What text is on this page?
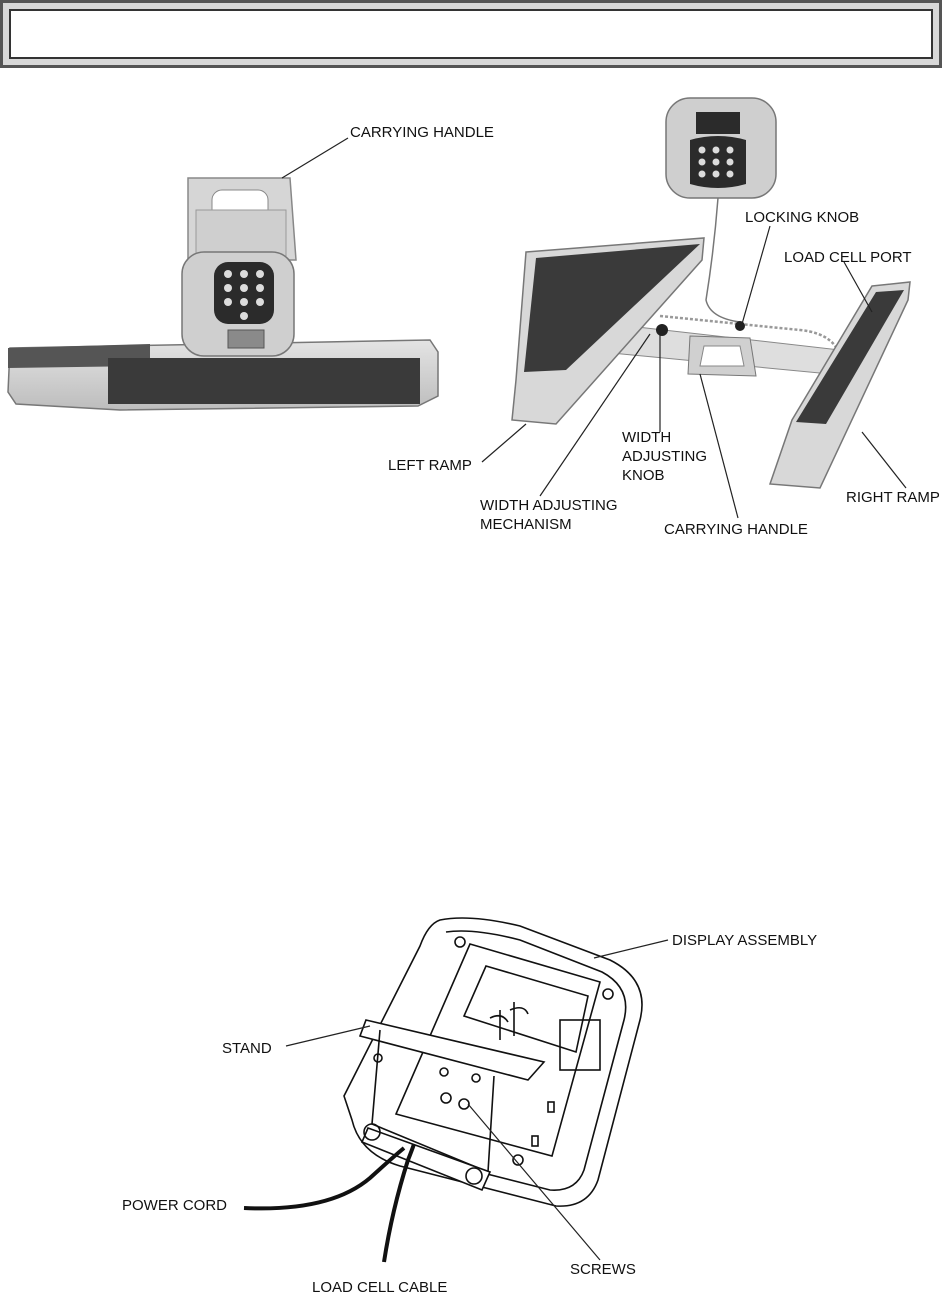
CARRYING HANDLE
LOCKING KNOB
LOAD CELL PORT
LEFT RAMP
WIDTH
ADJUSTING
KNOB
WIDTH ADJUSTING
MECHANISM	CARRYING HANDLE
RIGHT RAMP
DISPLAY ASSEMBLY
STAND
POWER CORD
SCREWS
LOAD CELL CABLE
